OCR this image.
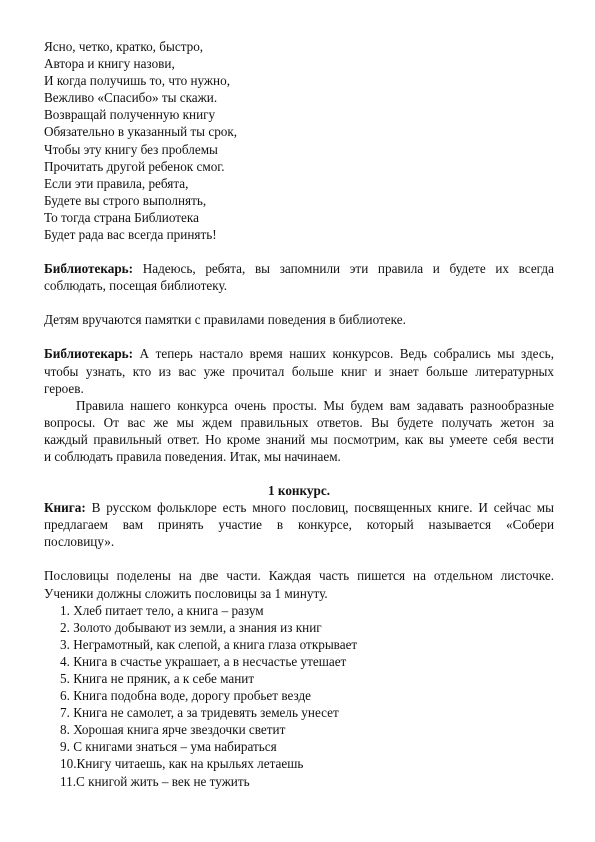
Ясно, четко, кратко, быстро,
Автора и книгу назови,
И когда получишь то, что нужно,
Вежливо «Спасибо» ты скажи.
Возвращай полученную книгу
Обязательно в указанный ты срок,
Чтобы эту книгу без проблемы
Прочитать другой ребенок смог.
Если эти правила, ребята,
Будете вы строго выполнять,
То тогда страна Библиотека
Будет рада вас всегда принять!
Библиотекарь: Надеюсь, ребята, вы запомнили эти правила и будете их всегда
соблюдать, посещая библиотеку.
Детям вручаются памятки с правилами поведения в библиотеке.
Библиотекарь: А теперь настало время наших конкурсов. Ведь собрались мы здесь,
чтобы узнать, кто из вас уже прочитал больше книг и знает больше литературных
героев.
Правила нашего конкурса очень просты. Мы будем вам задавать разнообразные
вопросы. От вас же мы ждем правильных ответов. Вы будете получать жетон за
каждый правильный ответ. Но кроме знаний мы посмотрим, как вы умеете себя вести
и соблюдать правила поведения. Итак, мы начинаем.
1 конкурс.
Книга: В русском фольклоре есть много пословиц, посвященных книге. И сейчас мы
предлагаем вам принять участие в конкурсе, который называется «Собери
пословицу».
Пословицы поделены на две части. Каждая часть пишется на отдельном листочке.
Ученики должны сложить пословицы за 1 минуту.
1. Хлеб питает тело, а книга – разум
2. Золото добывают из земли, а знания из книг
3. Неграмотный, как слепой, а книга глаза открывает
4. Книга в счастье украшает, а в несчастье утешает
5. Книга не пряник, а к себе манит
6. Книга подобна воде, дорогу пробьет везде
7. Книга не самолет, а за тридевять земель унесет
8. Хорошая книга ярче звездочки светит
9. С книгами знаться – ума набираться
10.Книгу читаешь, как на крыльях летаешь
11.С книгой жить – век не тужить
